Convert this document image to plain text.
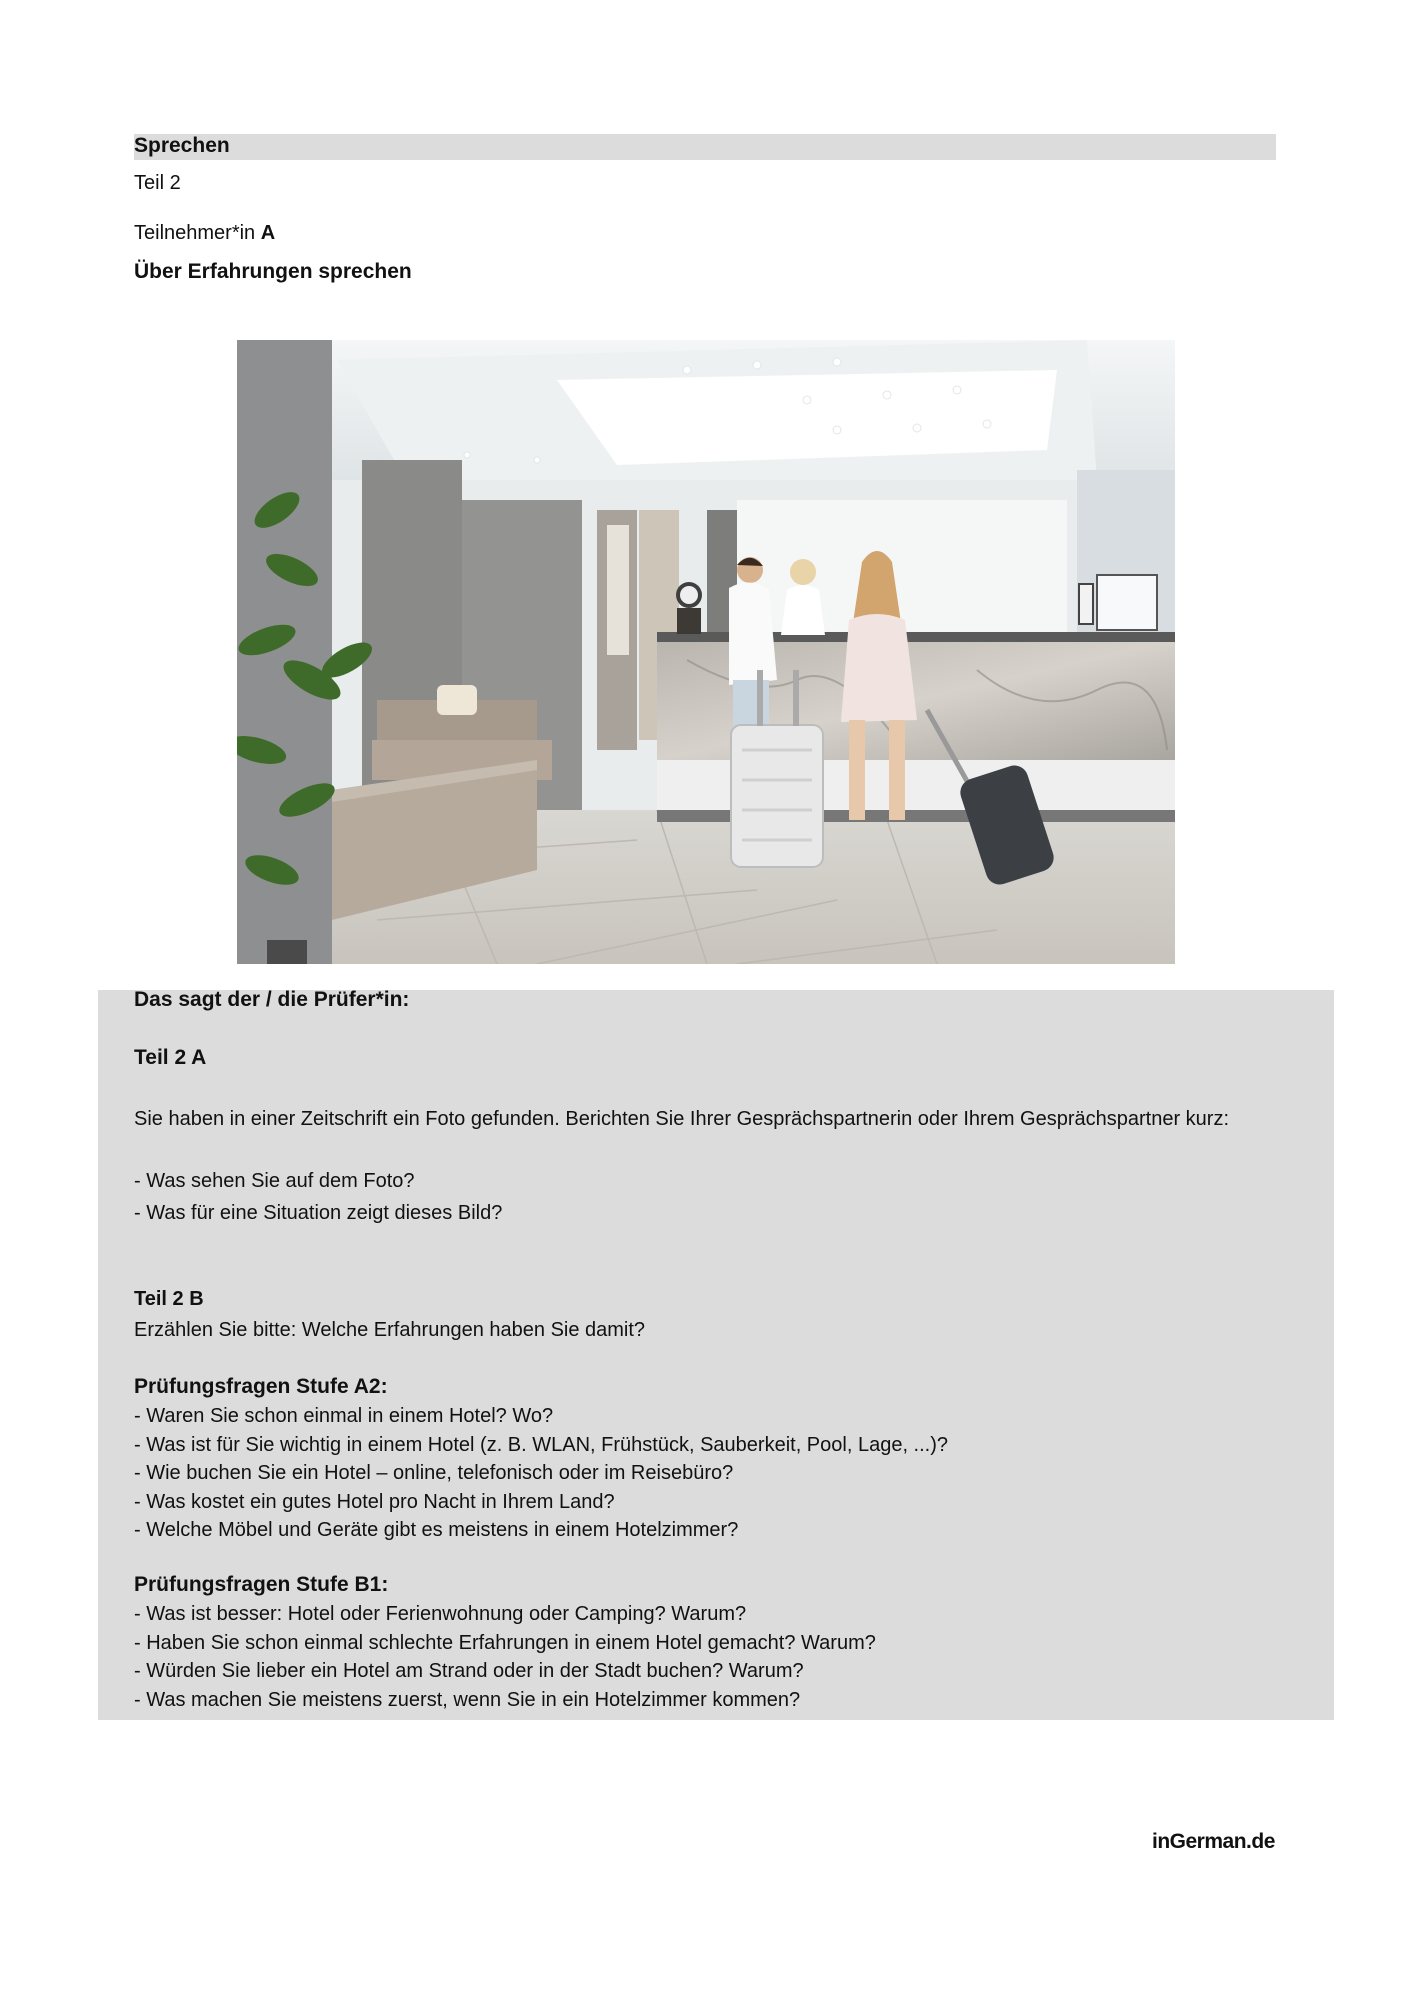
Sprechen
Teil 2
Teilnehmer*in A
Über Erfahrungen sprechen
Das sagt der / die Prüfer*in:
Teil 2 A
Sie haben in einer Zeitschrift ein Foto gefunden. Berichten Sie Ihrer Gesprächspartnerin oder Ihrem Gesprächspartner kurz:
- Was sehen Sie auf dem Foto?
- Was für eine Situation zeigt dieses Bild?
Teil 2 B
Erzählen Sie bitte: Welche Erfahrungen haben Sie damit?
Prüfungsfragen Stufe A2:
- Waren Sie schon einmal in einem Hotel? Wo?
- Was ist für Sie wichtig in einem Hotel (z. B. WLAN, Frühstück, Sauberkeit, Pool, Lage, ...)?
- Wie buchen Sie ein Hotel – online, telefonisch oder im Reisebüro?
- Was kostet ein gutes Hotel pro Nacht in Ihrem Land?
- Welche Möbel und Geräte gibt es meistens in einem Hotelzimmer?
Prüfungsfragen Stufe B1:
- Was ist besser: Hotel oder Ferienwohnung oder Camping? Warum?
- Haben Sie schon einmal schlechte Erfahrungen in einem Hotel gemacht? Warum?
- Würden Sie lieber ein Hotel am Strand oder in der Stadt buchen? Warum?
- Was machen Sie meistens zuerst, wenn Sie in ein Hotelzimmer kommen?
inGerman.de
